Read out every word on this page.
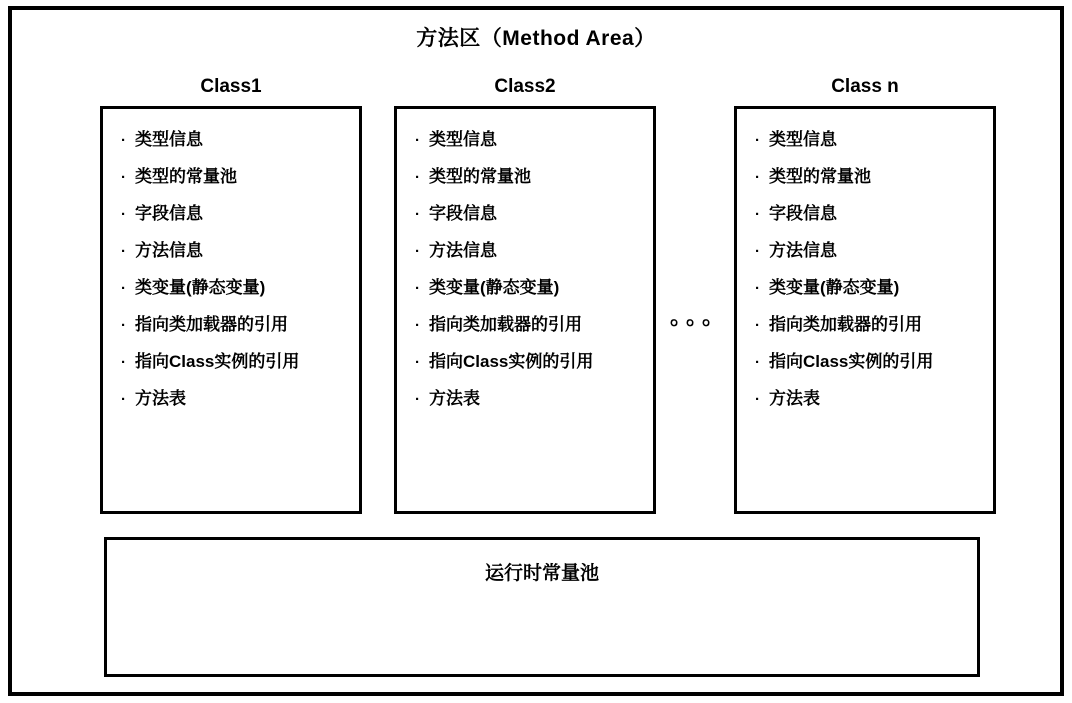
方法区（Method Area）
Class1
· 类型信息
· 类型的常量池
· 字段信息
· 方法信息
· 类变量(静态变量)
· 指向类加载器的引用
· 指向Class实例的引用
· 方法表
Class2
· 类型信息
· 类型的常量池
· 字段信息
· 方法信息
· 类变量(静态变量)
· 指向类加载器的引用
· 指向Class实例的引用
· 方法表
。。。
Class n
· 类型信息
· 类型的常量池
· 字段信息
· 方法信息
· 类变量(静态变量)
· 指向类加载器的引用
· 指向Class实例的引用
· 方法表
运行时常量池
